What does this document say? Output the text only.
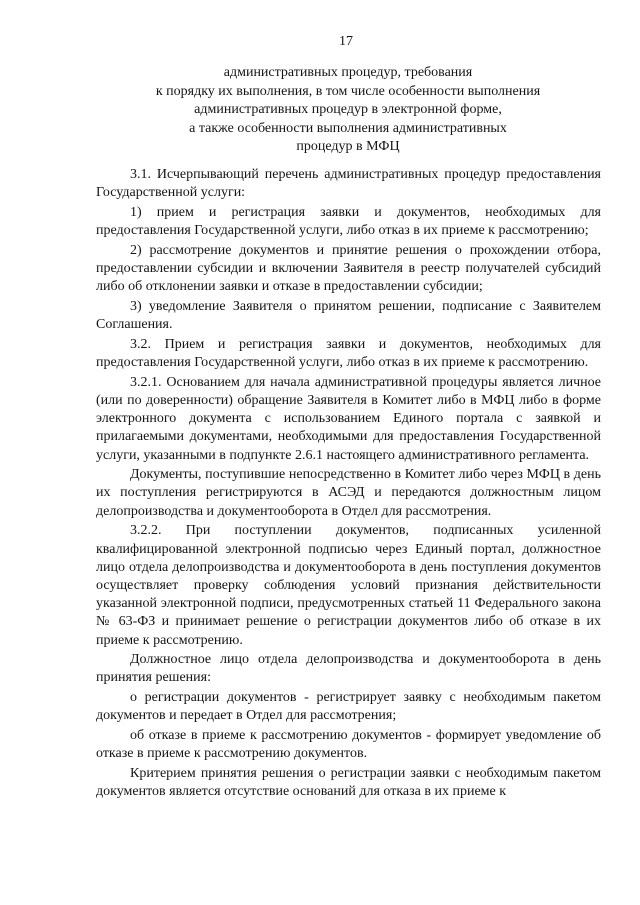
17
административных процедур, требования
к порядку их выполнения, в том числе особенности выполнения
административных процедур в электронной форме,
а также особенности выполнения административных
процедур в МФЦ

3.1. Исчерпывающий перечень административных процедур предоставления Государственной услуги:

1) прием и регистрация заявки и документов, необходимых для предоставления Государственной услуги, либо отказ в их приеме к рассмотрению;

2) рассмотрение документов и принятие решения о прохождении отбора, предоставлении субсидии и включении Заявителя в реестр получателей субсидий либо об отклонении заявки и отказе в предоставлении субсидии;

3) уведомление Заявителя о принятом решении, подписание с Заявителем Соглашения.

3.2. Прием и регистрация заявки и документов, необходимых для предоставления Государственной услуги, либо отказ в их приеме к рассмотрению.

3.2.1. Основанием для начала административной процедуры является личное (или по доверенности) обращение Заявителя в Комитет либо в МФЦ либо в форме электронного документа с использованием Единого портала с заявкой и прилагаемыми документами, необходимыми для предоставления Государственной услуги, указанными в подпункте 2.6.1 настоящего административного регламента.

Документы, поступившие непосредственно в Комитет либо через МФЦ в день их поступления регистрируются в АСЭД и передаются должностным лицом делопроизводства и документооборота в Отдел для рассмотрения.

3.2.2. При поступлении документов, подписанных усиленной квалифицированной электронной подписью через Единый портал, должностное лицо отдела делопроизводства и документооборота в день поступления документов осуществляет проверку соблюдения условий признания действительности указанной электронной подписи, предусмотренных статьей 11 Федерального закона № 63-ФЗ и принимает решение о регистрации документов либо об отказе в их приеме к рассмотрению.

Должностное лицо отдела делопроизводства и документооборота в день принятия решения:

о регистрации документов - регистрирует заявку с необходимым пакетом документов и передает в Отдел для рассмотрения;

об отказе в приеме к рассмотрению документов - формирует уведомление об отказе в приеме к рассмотрению документов.

Критерием принятия решения о регистрации заявки с необходимым пакетом документов является отсутствие оснований для отказа в их приеме к
